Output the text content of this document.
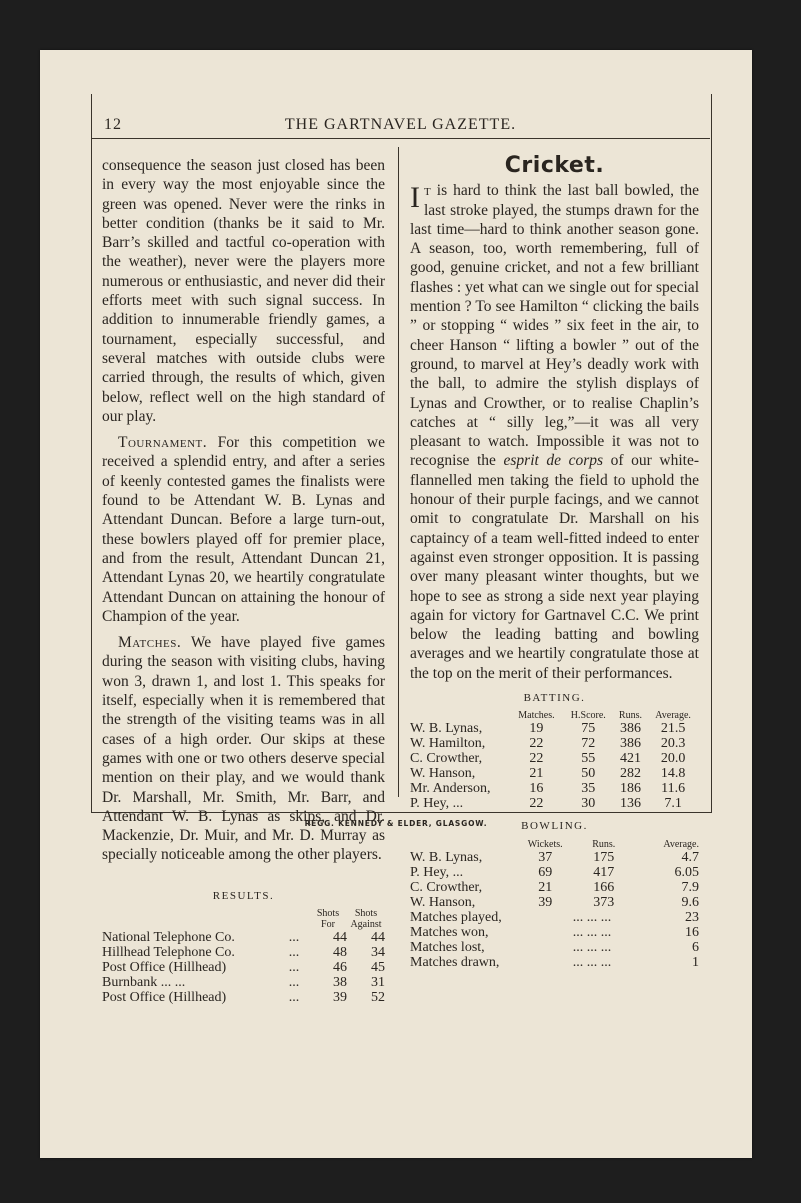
12	THE GARTNAVEL GAZETTE.

consequence the season just closed has been in every way the most enjoyable since the green was opened. Never were the rinks in better condition (thanks be it said to Mr. Barr’s skilled and tactful co-operation with the weather), never were the players more numerous or enthusiastic, and never did their efforts meet with such signal success. In addition to innumerable friendly games, a tournament, especially successful, and several matches with outside clubs were carried through, the results of which, given below, reflect well on the high standard of our play.

Tournament. For this competition we received a splendid entry, and after a series of keenly contested games the finalists were found to be Attendant W. B. Lynas and Attendant Duncan. Before a large turn-out, these bowlers played off for premier place, and from the result, Attendant Duncan 21, Attendant Lynas 20, we heartily congratulate Attendant Duncan on attaining the honour of Champion of the year.

Matches. We have played five games during the season with visiting clubs, having won 3, drawn 1, and lost 1. This speaks for itself, especially when it is remembered that the strength of the visiting teams was in all cases of a high order. Our skips at these games with one or two others deserve special mention on their play, and we would thank Dr. Marshall, Mr. Smith, Mr. Barr, and Attendant W. B. Lynas as skips, and Dr. Mackenzie, Dr. Muir, and Mr. D. Murray as specially noticeable among the other players.

RESULTS.
		Shots For	Shots Against
National Telephone Co.	...	44	44
Hillhead Telephone Co.	...	48	34
Post Office (Hillhead)	...	46	45
Burnbank ... ...	...	38	31
Post Office (Hillhead)	...	39	52
Cricket.

It is hard to think the last ball bowled, the last stroke played, the stumps drawn for the last time—hard to think another season gone. A season, too, worth remembering, full of good, genuine cricket, and not a few brilliant flashes : yet what can we single out for special mention ? To see Hamilton “ clicking the bails ” or stopping “ wides ” six feet in the air, to cheer Hanson “ lifting a bowler ” out of the ground, to marvel at Hey’s deadly work with the ball, to admire the stylish displays of Lynas and Crowther, or to realise Chaplin’s catches at “ silly leg,”—it was all very pleasant to watch. Impossible it was not to recognise the esprit de corps of our white-flannelled men taking the field to uphold the honour of their purple facings, and we cannot omit to congratulate Dr. Marshall on his captaincy of a team well-fitted indeed to enter against even stronger opposition. It is passing over many pleasant winter thoughts, but we hope to see as strong a side next year playing again for victory for Gartnavel C.C. We print below the leading batting and bowling averages and we heartily congratulate those at the top on the merit of their performances.

BATTING.
	Matches.	H.Score.	Runs.	Average.
W. B. Lynas,	19	75	386	21.5
W. Hamilton,	22	72	386	20.3
C. Crowther,	22	55	421	20.0
W. Hanson,	21	50	282	14.8
Mr. Anderson,	16	35	186	11.6
P. Hey, ...	22	30	136	7.1
BOWLING.
	Wickets.	Runs.	Average.
W. B. Lynas,	37	175	4.7
P. Hey, ...	69	417	6.05
C. Crowther,	21	166	7.9
W. Hanson,	39	373	9.6
Matches played,	... ... ...	23
Matches won,	... ... ...	16
Matches lost,	... ... ...	6
Matches drawn,	... ... ...	1
REGG. KENNEDY & ELDER, GLASGOW.
